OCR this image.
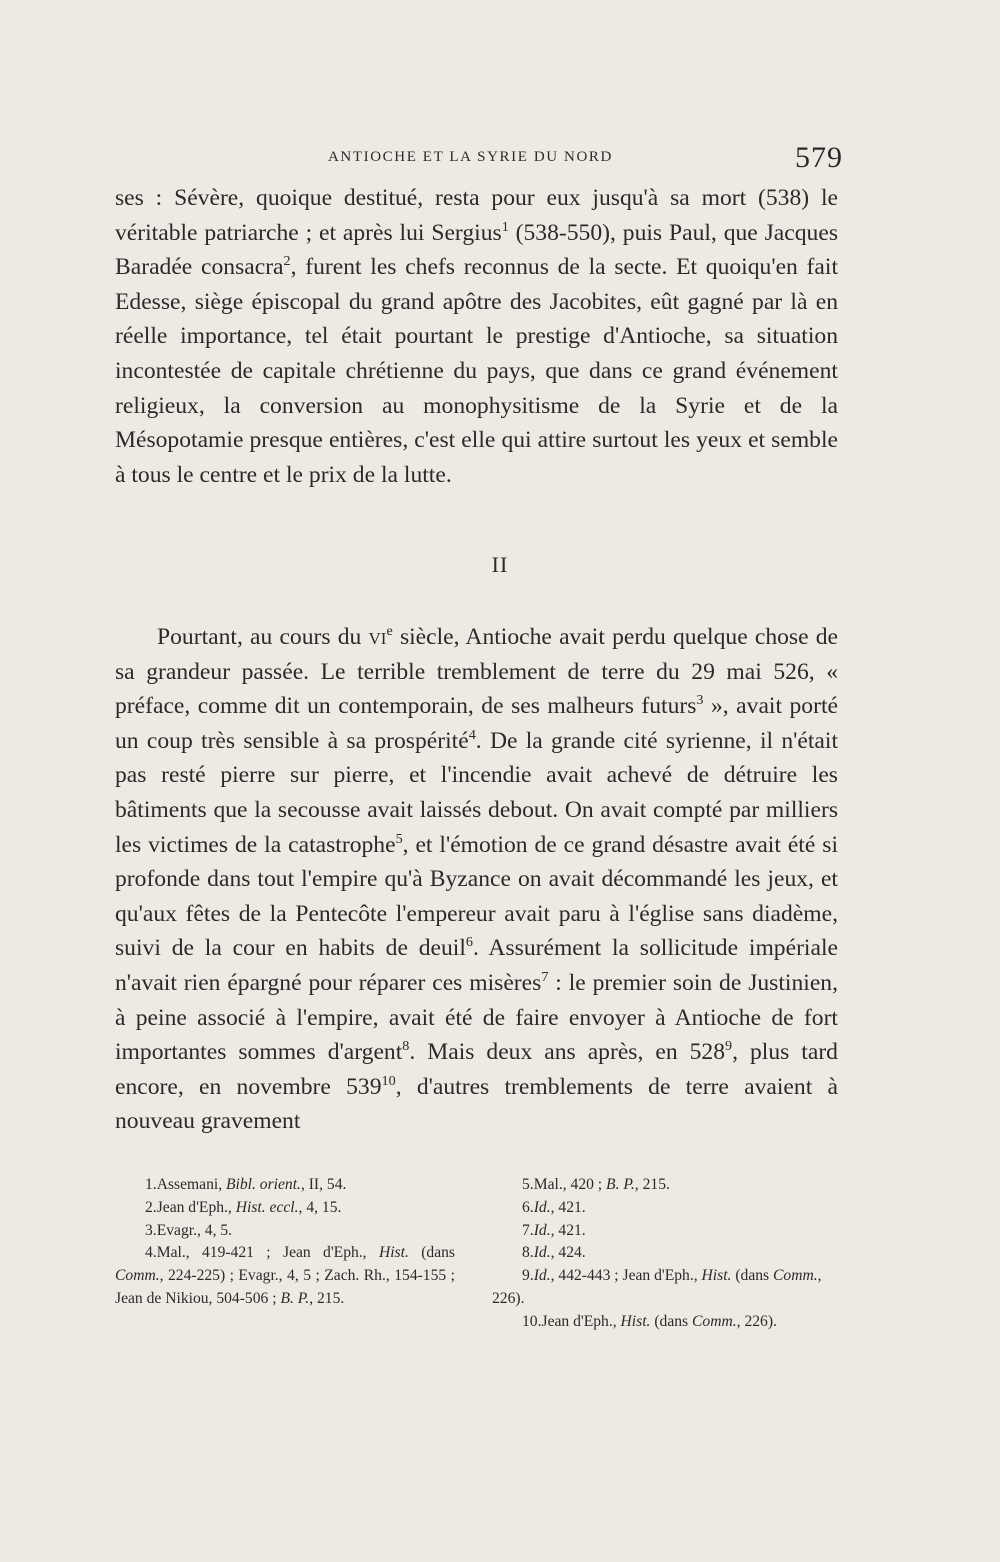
ANTIOCHE ET LA SYRIE DU NORD	579

ses : Sévère, quoique destitué, resta pour eux jusqu'à sa mort (538) le véritable patriarche ; et après lui Sergius$^1$ (538-550), puis Paul, que Jacques Baradée consacra$^2$, furent les chefs reconnus de la secte. Et quoiqu'en fait Edesse, siège épiscopal du grand apôtre des Jacobites, eût gagné par là en réelle importance, tel était pourtant le prestige d'Antioche, sa situation incontestée de capitale chrétienne du pays, que dans ce grand événement religieux, la conversion au monophysitisme de la Syrie et de la Mésopotamie presque entières, c'est elle qui attire surtout les yeux et semble à tous le centre et le prix de la lutte.

II

Pourtant, au cours du $vi^e$ siècle, Antioche avait perdu quelque chose de sa grandeur passée. Le terrible tremblement de terre du 29 mai 526, « préface, comme dit un contemporain, de ses malheurs futurs$^3$ », avait porté un coup très sensible à sa prospérité$^4$. De la grande cité syrienne, il n'était pas resté pierre sur pierre, et l'incendie avait achevé de détruire les bâtiments que la secousse avait laissés debout. On avait compté par milliers les victimes de la catastrophe$^5$, et l'émotion de ce grand désastre avait été si profonde dans tout l'empire qu'à Byzance on avait décommandé les jeux, et qu'aux fêtes de la Pentecôte l'empereur avait paru à l'église sans diadème, suivi de la cour en habits de deuil$^6$. Assurément la sollicitude impériale n'avait rien épargné pour réparer ces misères$^7$ : le premier soin de Justinien, à peine associé à l'empire, avait été de faire envoyer à Antioche de fort importantes sommes d'argent$^8$. Mais deux ans après, en $528^9$, plus tard encore, en novembre $539^{10}$, d'autres tremblements de terre avaient à nouveau gravement

1.Assemani, Bibl. orient., II, 54.
2.Jean d'Eph., Hist. eccl., 4, 15.
3.Evagr., 4, 5.
4.Mal., 419-421 ; Jean d'Eph., Hist. (dans Comm., 224-225) ; Evagr., 4, 5 ; Zach. Rh., 154-155 ; Jean de Nikiou, 504-506 ; B. P., 215.
5.Mal., 420 ; B. P., 215.
6.Id., 421.
7.Id., 421.
8.Id., 424.
9.Id., 442-443 ; Jean d'Eph., Hist. (dans Comm., 226).
10.Jean d'Eph., Hist. (dans Comm., 226).
